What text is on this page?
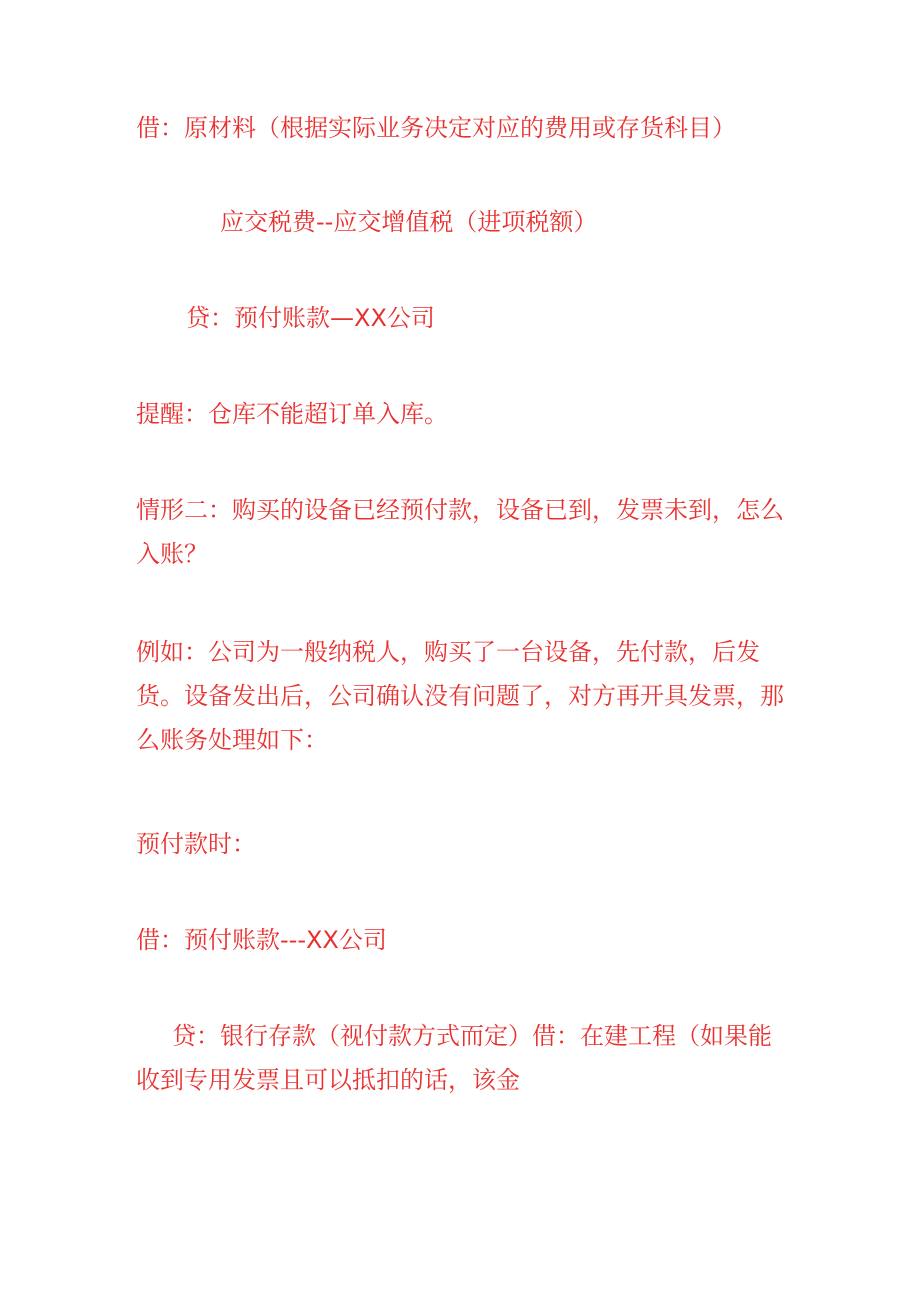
借：原材料（根据实际业务决定对应的费用或存货科目）

应交税费--应交增值税（进项税额）

贷：预付账款—XX公司

提醒：仓库不能超订单入库。

情形二：购买的设备已经预付款，设备已到，发票未到，怎么入账？

例如：公司为一般纳税人，购买了一台设备，先付款，后发货。设备发出后，公司确认没有问题了，对方再开具发票，那么账务处理如下：

预付款时：

借：预付账款---XX公司

贷：银行存款（视付款方式而定）借：在建工程（如果能收到专用发票且可以抵扣的话，该金
